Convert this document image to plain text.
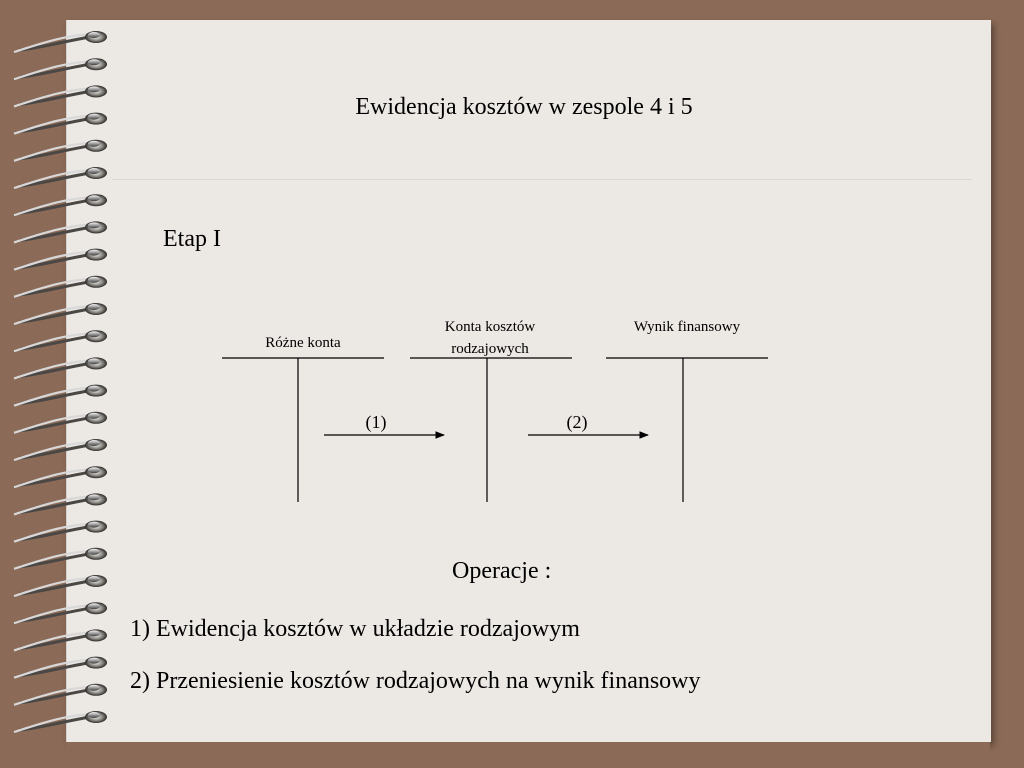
Ewidencja kosztów w zespole 4 i 5
Etap I
Różne konta
Konta kosztów rodzajowych
Wynik finansowy
(1)	(2)
Operacje :
1) Ewidencja kosztów w układzie rodzajowym
2) Przeniesienie kosztów rodzajowych na wynik finansowy
